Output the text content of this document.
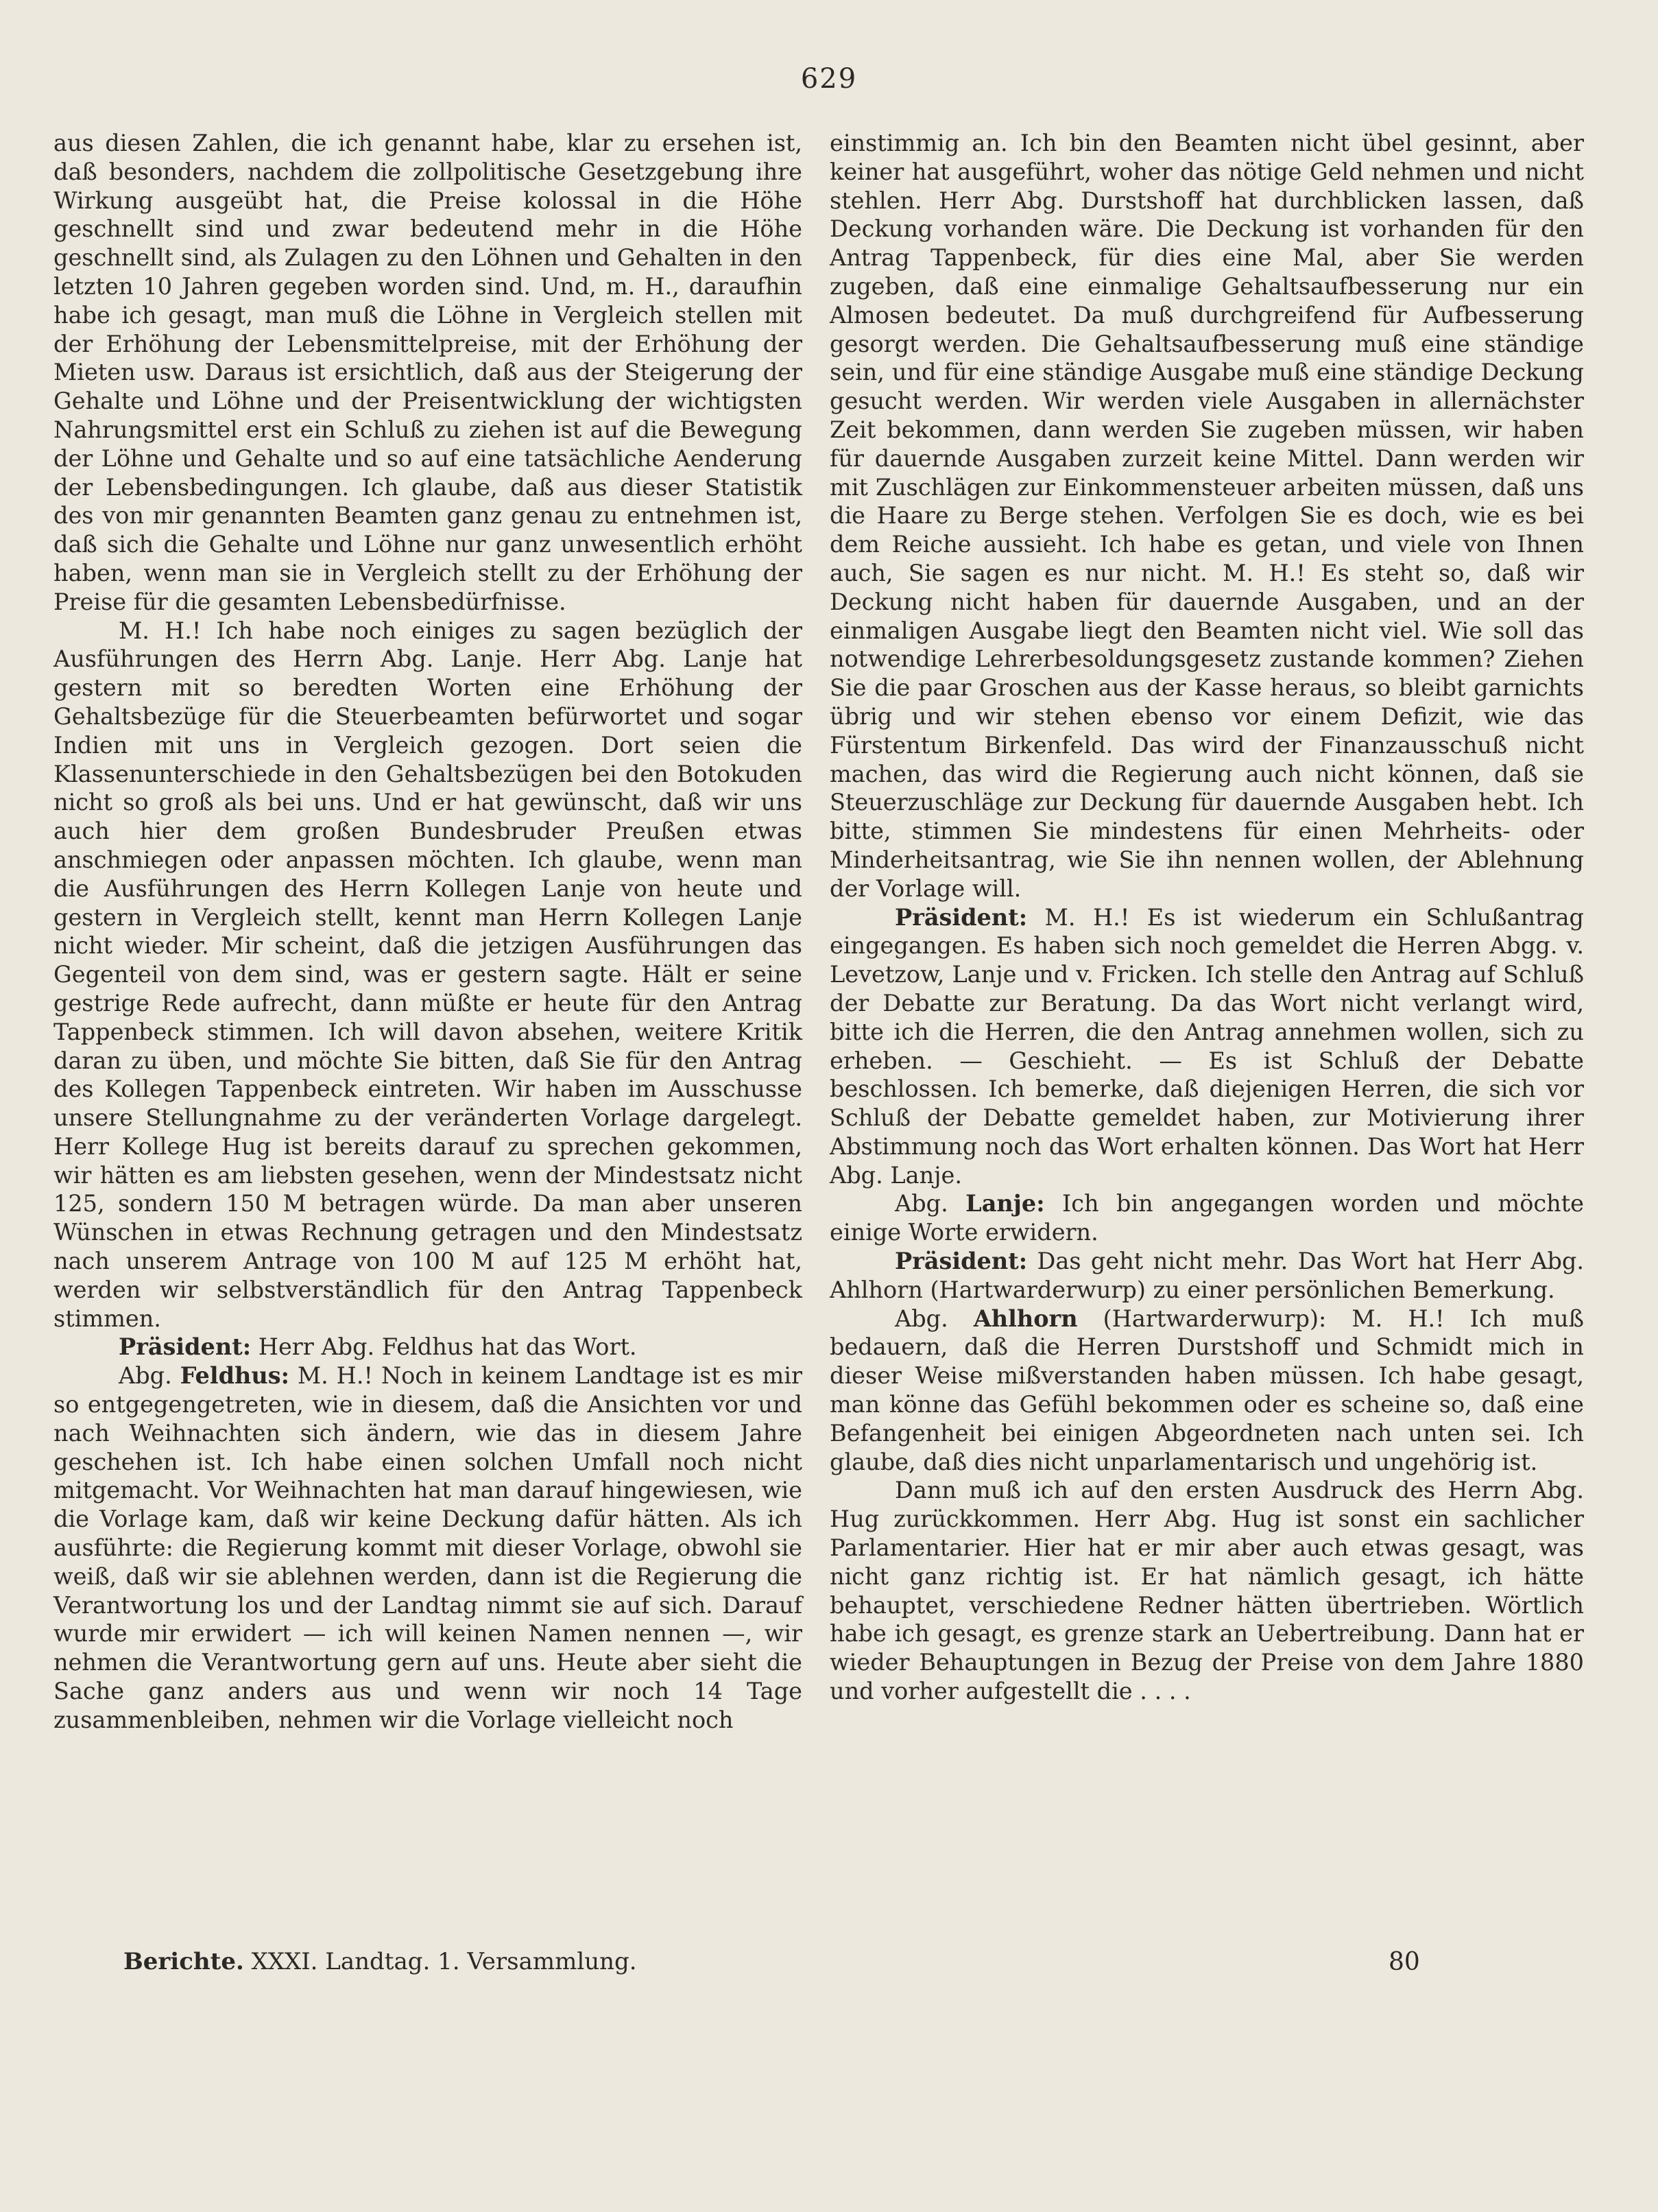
629

aus diesen Zahlen, die ich genannt habe, klar zu ersehen ist, daß besonders, nachdem die zollpolitische Gesetzgebung ihre Wirkung ausgeübt hat, die Preise kolossal in die Höhe geschnellt sind und zwar bedeutend mehr in die Höhe geschnellt sind, als Zulagen zu den Löhnen und Gehalten in den letzten 10 Jahren gegeben worden sind. Und, m. H., daraufhin habe ich gesagt, man muß die Löhne in Vergleich stellen mit der Erhöhung der Lebensmittelpreise, mit der Erhöhung der Mieten usw. Daraus ist ersichtlich, daß aus der Steigerung der Gehalte und Löhne und der Preisentwicklung der wichtigsten Nahrungsmittel erst ein Schluß zu ziehen ist auf die Bewegung der Löhne und Gehalte und so auf eine tatsächliche Aenderung der Lebensbedingungen. Ich glaube, daß aus dieser Statistik des von mir genannten Beamten ganz genau zu entnehmen ist, daß sich die Gehalte und Löhne nur ganz unwesentlich erhöht haben, wenn man sie in Vergleich stellt zu der Erhöhung der Preise für die gesamten Lebensbedürfnisse.

M. H.! Ich habe noch einiges zu sagen bezüglich der Ausführungen des Herrn Abg. Lanje. Herr Abg. Lanje hat gestern mit so beredten Worten eine Erhöhung der Gehaltsbezüge für die Steuerbeamten befürwortet und sogar Indien mit uns in Vergleich gezogen. Dort seien die Klassenunterschiede in den Gehaltsbezügen bei den Botokuden nicht so groß als bei uns. Und er hat gewünscht, daß wir uns auch hier dem großen Bundesbruder Preußen etwas anschmiegen oder anpassen möchten. Ich glaube, wenn man die Ausführungen des Herrn Kollegen Lanje von heute und gestern in Vergleich stellt, kennt man Herrn Kollegen Lanje nicht wieder. Mir scheint, daß die jetzigen Ausführungen das Gegenteil von dem sind, was er gestern sagte. Hält er seine gestrige Rede aufrecht, dann müßte er heute für den Antrag Tappenbeck stimmen. Ich will davon absehen, weitere Kritik daran zu üben, und möchte Sie bitten, daß Sie für den Antrag des Kollegen Tappenbeck eintreten. Wir haben im Ausschusse unsere Stellungnahme zu der veränderten Vorlage dargelegt. Herr Kollege Hug ist bereits darauf zu sprechen gekommen, wir hätten es am liebsten gesehen, wenn der Mindestsatz nicht 125, sondern 150 M betragen würde. Da man aber unseren Wünschen in etwas Rechnung getragen und den Mindestsatz nach unserem Antrage von 100 M auf 125 M erhöht hat, werden wir selbstverständlich für den Antrag Tappenbeck stimmen.

Präsident: Herr Abg. Feldhus hat das Wort.

Abg. Feldhus: M. H.! Noch in keinem Landtage ist es mir so entgegengetreten, wie in diesem, daß die Ansichten vor und nach Weihnachten sich ändern, wie das in diesem Jahre geschehen ist. Ich habe einen solchen Umfall noch nicht mitgemacht. Vor Weihnachten hat man darauf hingewiesen, wie die Vorlage kam, daß wir keine Deckung dafür hätten. Als ich ausführte: die Regierung kommt mit dieser Vorlage, obwohl sie weiß, daß wir sie ablehnen werden, dann ist die Regierung die Verantwortung los und der Landtag nimmt sie auf sich. Darauf wurde mir erwidert — ich will keinen Namen nennen —, wir nehmen die Verantwortung gern auf uns. Heute aber sieht die Sache ganz anders aus und wenn wir noch 14 Tage zusammenbleiben, nehmen wir die Vorlage vielleicht noch

einstimmig an. Ich bin den Beamten nicht übel gesinnt, aber keiner hat ausgeführt, woher das nötige Geld nehmen und nicht stehlen. Herr Abg. Durstshoff hat durchblicken lassen, daß Deckung vorhanden wäre. Die Deckung ist vorhanden für den Antrag Tappenbeck, für dies eine Mal, aber Sie werden zugeben, daß eine einmalige Gehaltsaufbesserung nur ein Almosen bedeutet. Da muß durchgreifend für Aufbesserung gesorgt werden. Die Gehaltsaufbesserung muß eine ständige sein, und für eine ständige Ausgabe muß eine ständige Deckung gesucht werden. Wir werden viele Ausgaben in allernächster Zeit bekommen, dann werden Sie zugeben müssen, wir haben für dauernde Ausgaben zurzeit keine Mittel. Dann werden wir mit Zuschlägen zur Einkommensteuer arbeiten müssen, daß uns die Haare zu Berge stehen. Verfolgen Sie es doch, wie es bei dem Reiche aussieht. Ich habe es getan, und viele von Ihnen auch, Sie sagen es nur nicht. M. H.! Es steht so, daß wir Deckung nicht haben für dauernde Ausgaben, und an der einmaligen Ausgabe liegt den Beamten nicht viel. Wie soll das notwendige Lehrerbesoldungsgesetz zustande kommen? Ziehen Sie die paar Groschen aus der Kasse heraus, so bleibt garnichts übrig und wir stehen ebenso vor einem Defizit, wie das Fürstentum Birkenfeld. Das wird der Finanzausschuß nicht machen, das wird die Regierung auch nicht können, daß sie Steuerzuschläge zur Deckung für dauernde Ausgaben hebt. Ich bitte, stimmen Sie mindestens für einen Mehrheits- oder Minderheitsantrag, wie Sie ihn nennen wollen, der Ablehnung der Vorlage will.

Präsident: M. H.! Es ist wiederum ein Schlußantrag eingegangen. Es haben sich noch gemeldet die Herren Abgg. v. Levetzow, Lanje und v. Fricken. Ich stelle den Antrag auf Schluß der Debatte zur Beratung. Da das Wort nicht verlangt wird, bitte ich die Herren, die den Antrag annehmen wollen, sich zu erheben. — Geschieht. — Es ist Schluß der Debatte beschlossen. Ich bemerke, daß diejenigen Herren, die sich vor Schluß der Debatte gemeldet haben, zur Motivierung ihrer Abstimmung noch das Wort erhalten können. Das Wort hat Herr Abg. Lanje.

Abg. Lanje: Ich bin angegangen worden und möchte einige Worte erwidern.

Präsident: Das geht nicht mehr. Das Wort hat Herr Abg. Ahlhorn (Hartwarderwurp) zu einer persönlichen Bemerkung.

Abg. Ahlhorn (Hartwarderwurp): M. H.! Ich muß bedauern, daß die Herren Durstshoff und Schmidt mich in dieser Weise mißverstanden haben müssen. Ich habe gesagt, man könne das Gefühl bekommen oder es scheine so, daß eine Befangenheit bei einigen Abgeordneten nach unten sei. Ich glaube, daß dies nicht unparlamentarisch und ungehörig ist.

Dann muß ich auf den ersten Ausdruck des Herrn Abg. Hug zurückkommen. Herr Abg. Hug ist sonst ein sachlicher Parlamentarier. Hier hat er mir aber auch etwas gesagt, was nicht ganz richtig ist. Er hat nämlich gesagt, ich hätte behauptet, verschiedene Redner hätten übertrieben. Wörtlich habe ich gesagt, es grenze stark an Uebertreibung. Dann hat er wieder Behauptungen in Bezug der Preise von dem Jahre 1880 und vorher aufgestellt die . . . .

Berichte. XXXI. Landtag. 1. Versammlung.	80
